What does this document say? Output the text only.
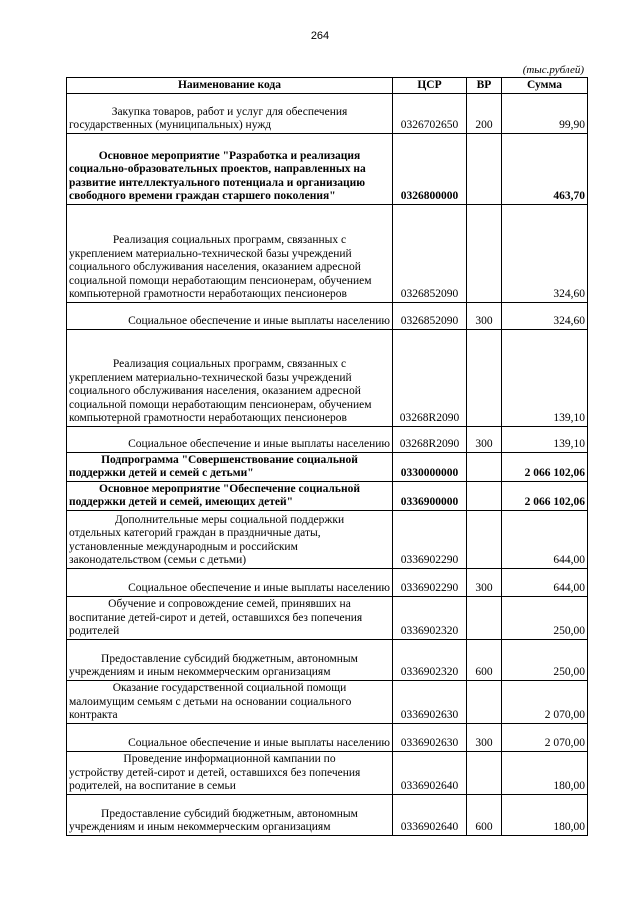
264
(тыс.рублей)
Наименование кода	ЦСР	ВР	Сумма

Закупка товаров, работ и услуг для обеспечения
государственных (муниципальных) нужд	0326702650	200	99,90

Основное мероприятие "Разработка и реализация
социально-образовательных проектов, направленных на
развитие интеллектуального потенциала и организацию
свободного времени граждан старшего поколения"	0326800000		463,70

Реализация социальных программ, связанных с
укреплением материально-технической базы учреждений
социального обслуживания населения, оказанием адресной
социальной помощи неработающим пенсионерам, обучением
компьютерной грамотности неработающих пенсионеров	0326852090		324,60

Социальное обеспечение и иные выплаты населению	0326852090	300	324,60

Реализация социальных программ, связанных с
укреплением материально-технической базы учреждений
социального обслуживания населения, оказанием адресной
социальной помощи неработающим пенсионерам, обучением
компьютерной грамотности неработающих пенсионеров	03268R2090		139,10

Социальное обеспечение и иные выплаты населению	03268R2090	300	139,10

Подпрограмма "Совершенствование социальной
поддержки детей и семей с детьми"	0330000000		2 066 102,06

Основное мероприятие "Обеспечение социальной
поддержки детей и семей, имеющих детей"	0336900000		2 066 102,06

Дополнительные меры социальной поддержки
отдельных категорий граждан в праздничные даты,
установленные международным и российским
законодательством (семьи с детьми)	0336902290		644,00

Социальное обеспечение и иные выплаты населению	0336902290	300	644,00

Обучение и сопровождение семей, принявших на
воспитание детей-сирот и детей, оставшихся без попечения
родителей	0336902320		250,00

Предоставление субсидий бюджетным, автономным
учреждениям и иным некоммерческим организациям	0336902320	600	250,00

Оказание государственной социальной помощи
малоимущим семьям с детьми на основании социального
контракта	0336902630		2 070,00

Социальное обеспечение и иные выплаты населению	0336902630	300	2 070,00

Проведение информационной кампании по
устройству детей-сирот и детей, оставшихся без попечения
родителей, на воспитание в семьи	0336902640		180,00

Предоставление субсидий бюджетным, автономным
учреждениям и иным некоммерческим организациям	0336902640	600	180,00
